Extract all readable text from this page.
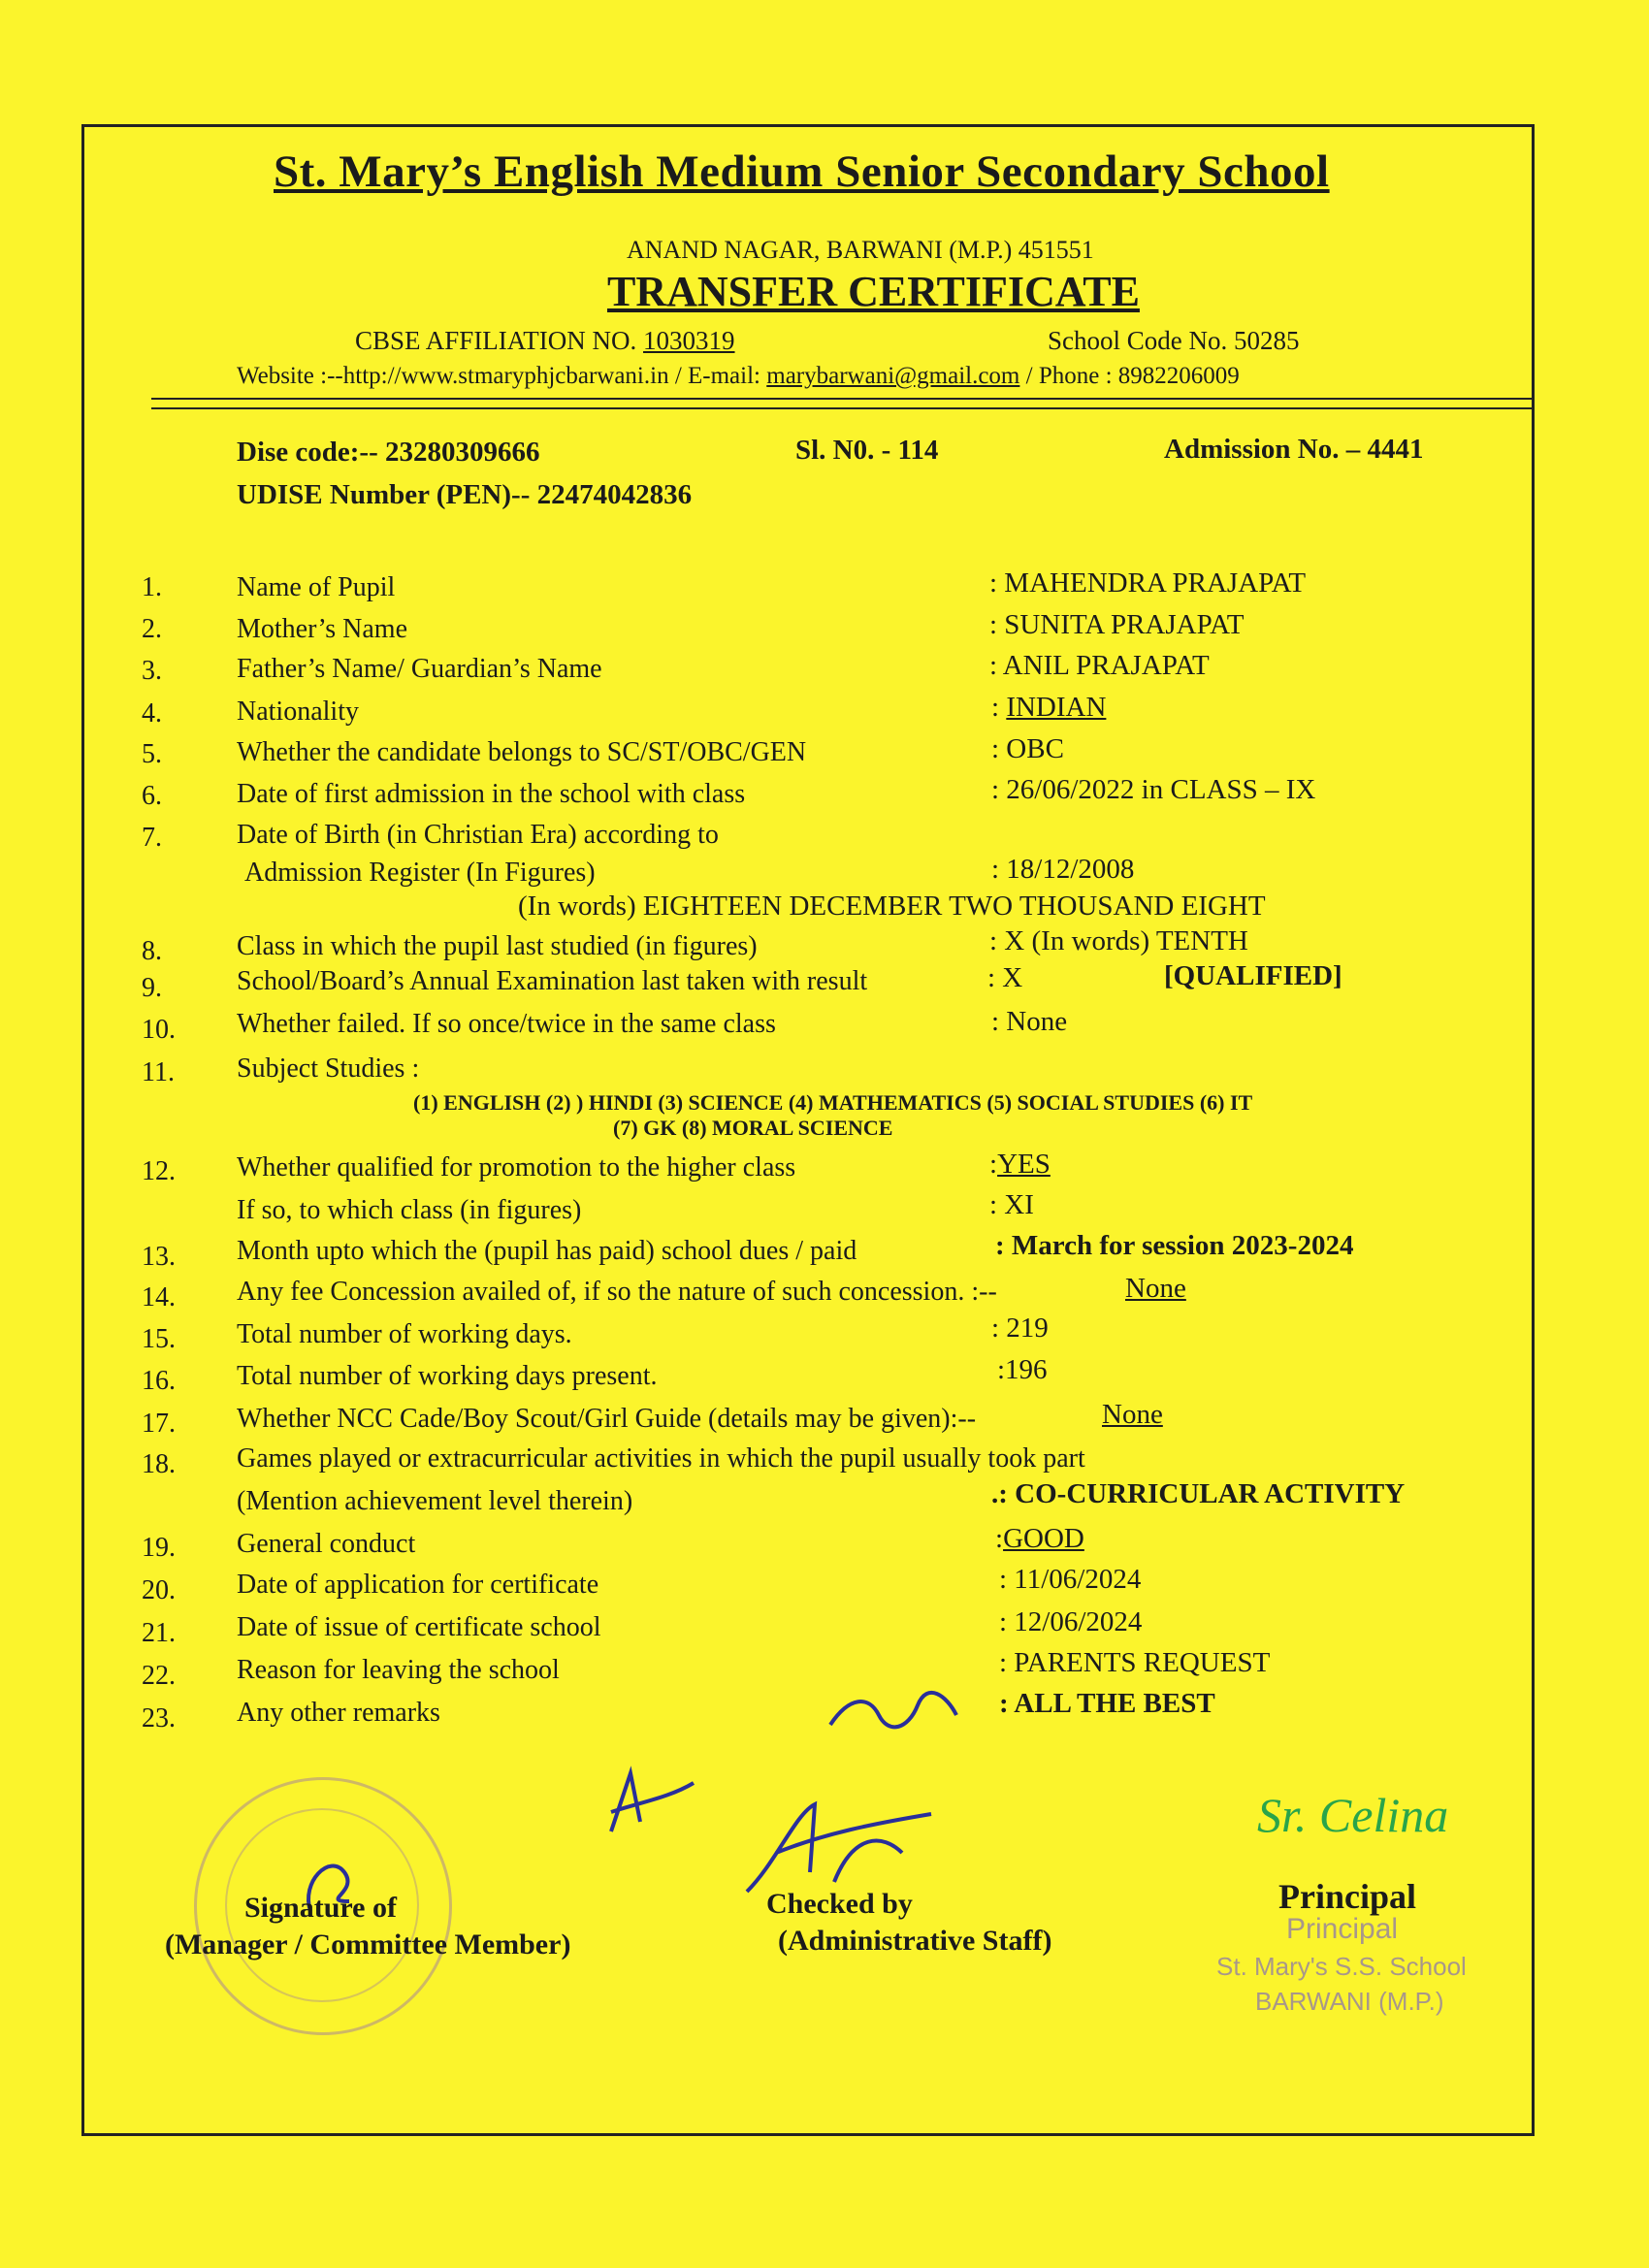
St. Mary’s English Medium Senior Secondary School
ANAND NAGAR, BARWANI (M.P.) 451551
TRANSFER CERTIFICATE
CBSE AFFILIATION NO. 1030319	School Code No. 50285
Website :--http://www.stmaryphjcbarwani.in / E-mail: marybarwani@gmail.com / Phone : 8982206009
Dise code:-- 23280309666	Sl. N0. - 114	Admission No. – 4441
UDISE Number (PEN)-- 22474042836
1.	Name of Pupil	: MAHENDRA PRAJAPAT
2.	Mother’s Name	: SUNITA PRAJAPAT
3.	Father’s Name/ Guardian’s Name	: ANIL PRAJAPAT
4.	Nationality	: INDIAN
5.	Whether the candidate belongs to SC/ST/OBC/GEN	: OBC
6.	Date of first admission in the school with class	: 26/06/2022 in CLASS – IX
7.	Date of Birth (in Christian Era) according to
Admission Register (In Figures)	: 18/12/2008
(In words) EIGHTEEN DECEMBER TWO THOUSAND EIGHT
8.	Class in which the pupil last studied (in figures)	: X (In words) TENTH
9.	School/Board’s Annual Examination last taken with result	: X	[QUALIFIED]
10. Whether failed. If so once/twice in the same class	: None
11. Subject Studies :
(1) ENGLISH (2) ) HINDI (3) SCIENCE (4) MATHEMATICS (5) SOCIAL STUDIES (6) IT
(7) GK (8) MORAL SCIENCE
12. Whether qualified for promotion to the higher class	:YES
If so, to which class (in figures)	: XI
13. Month upto which the (pupil has paid) school dues / paid	: March for session 2023-2024
14. Any fee Concession availed of, if so the nature of such concession. :--	None
15. Total number of working days.	: 219
16. Total number of working days present.	:196
17. Whether NCC Cade/Boy Scout/Girl Guide (details may be given):--	None
18. Games played or extracurricular activities in which the pupil usually took part
(Mention achievement level therein)	.: CO-CURRICULAR ACTIVITY
19. General conduct	:GOOD
20. Date of application for certificate	: 11/06/2024
21. Date of issue of certificate school	: 12/06/2024
22. Reason for leaving the school	: PARENTS REQUEST
23. Any other remarks	: ALL THE BEST
Sr. Celina
Signature of
(Manager / Committee Member)
Checked by
(Administrative Staff)
Principal
Principal
St. Mary's S.S. School
BARWANI (M.P.)
